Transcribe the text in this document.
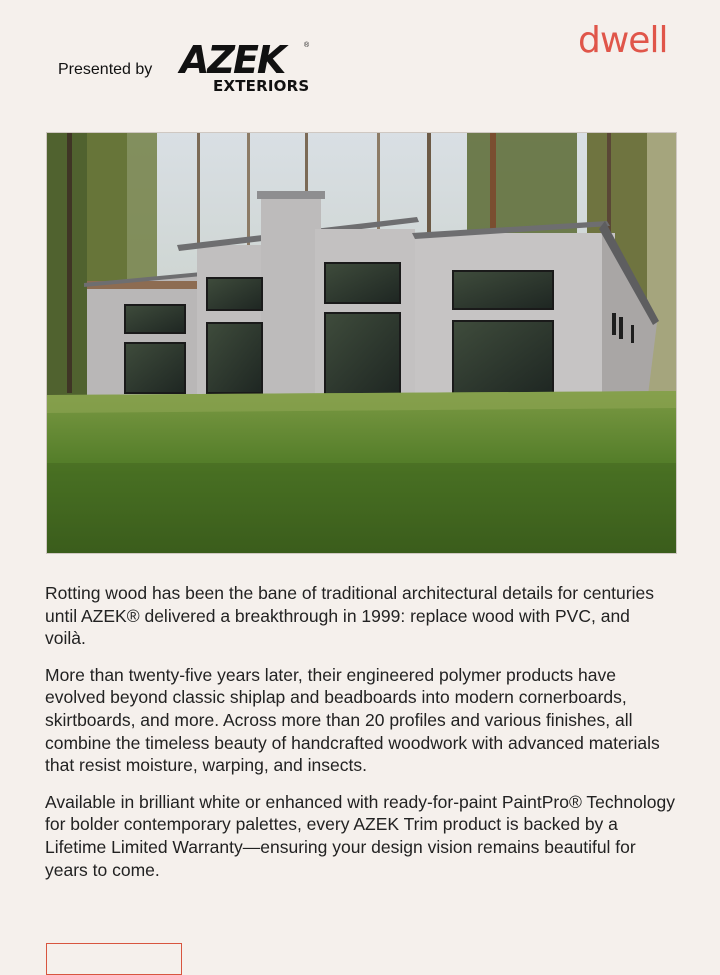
Presented by AZEK	®
EXTERIORS
dwell

Rotting wood has been the bane of traditional architectural details for centuries until AZEK® delivered a breakthrough in 1999: replace wood with PVC, and voilà.

More than twenty-five years later, their engineered polymer products have evolved beyond classic shiplap and beadboards into modern cornerboards, skirtboards, and more. Across more than 20 profiles and various finishes, all combine the timeless beauty of handcrafted woodwork with advanced materials that resist moisture, warping, and insects.

Available in brilliant white or enhanced with ready-for-paint PaintPro® Technology for bolder contemporary palettes, every AZEK Trim product is backed by a Lifetime Limited Warranty—ensuring your design vision remains beautiful for years to come.
